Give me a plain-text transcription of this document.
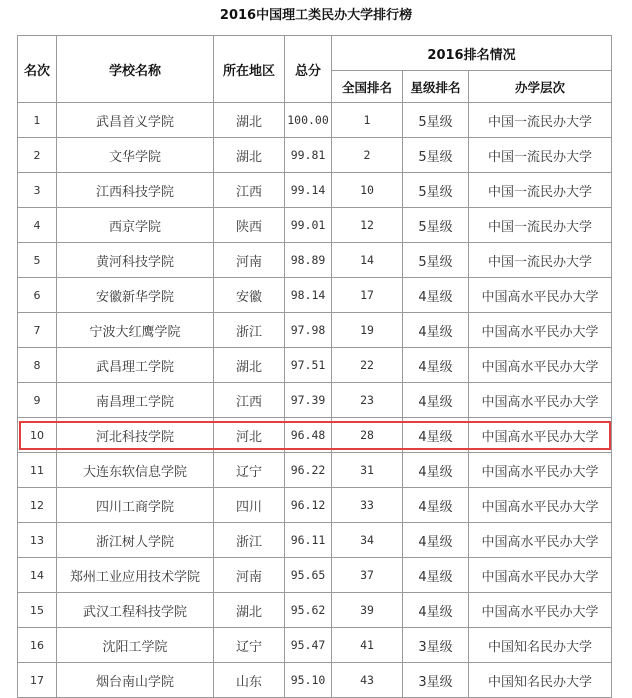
2016中国理工类民办大学排行榜
名次	学校名称	所在地区	总分	2016排名情况		
				全国排名	星级排名	办学层次
1	武昌首义学院	湖北	100.00	1	5星级	中国一流民办大学
2	文华学院	湖北	99.81	2	5星级	中国一流民办大学
3	江西科技学院	江西	99.14	10	5星级	中国一流民办大学
4	西京学院	陕西	99.01	12	5星级	中国一流民办大学
5	黄河科技学院	河南	98.89	14	5星级	中国一流民办大学
6	安徽新华学院	安徽	98.14	17	4星级	中国高水平民办大学
7	宁波大红鹰学院	浙江	97.98	19	4星级	中国高水平民办大学
8	武昌理工学院	湖北	97.51	22	4星级	中国高水平民办大学
9	南昌理工学院	江西	97.39	23	4星级	中国高水平民办大学
10	河北科技学院	河北	96.48	28	4星级	中国高水平民办大学
11	大连东软信息学院	辽宁	96.22	31	4星级	中国高水平民办大学
12	四川工商学院	四川	96.12	33	4星级	中国高水平民办大学
13	浙江树人学院	浙江	96.11	34	4星级	中国高水平民办大学
14	郑州工业应用技术学院	河南	95.65	37	4星级	中国高水平民办大学
15	武汉工程科技学院	湖北	95.62	39	4星级	中国高水平民办大学
16	沈阳工学院	辽宁	95.47	41	3星级	中国知名民办大学
17	烟台南山学院	山东	95.10	43	3星级	中国知名民办大学
